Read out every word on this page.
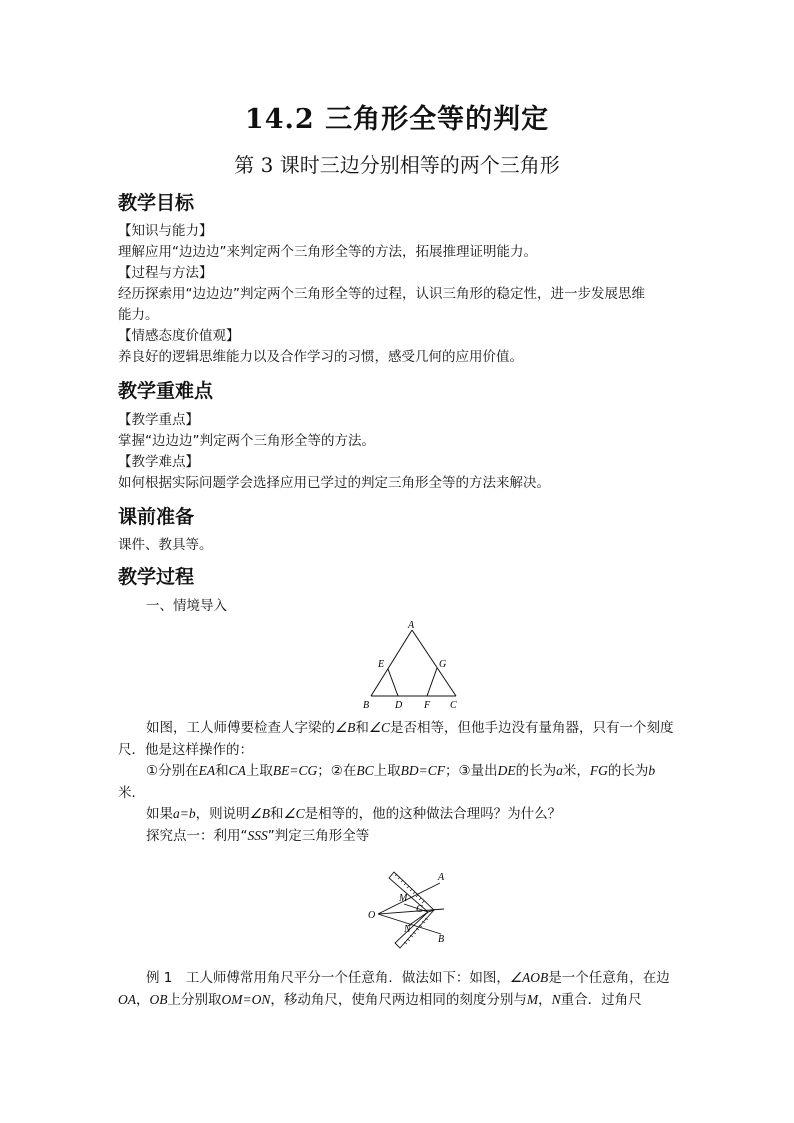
14.2 三角形全等的判定
第 3 课时三边分别相等的两个三角形
教学目标
【知识与能力】
理解应用“边边边”来判定两个三角形全等的方法，拓展推理证明能力。
【过程与方法】
经历探索用“边边边”判定两个三角形全等的过程，认识三角形的稳定性，进一步发展思维
能力。
【情感态度价值观】
养良好的逻辑思维能力以及合作学习的习惯，感受几何的应用价值。
教学重难点
【教学重点】
掌握“边边边”判定两个三角形全等的方法。
【教学难点】
如何根据实际问题学会选择应用已学过的判定三角形全等的方法来解决。
课前准备
课件、教具等。
教学过程
一、情境导入
A
E	G
B	D F C
如图，工人师傅要检查人字梁的∠B和∠C是否相等，但他手边没有量角器，只有一个刻度尺．他是这样操作的：
①分别在EA和CA上取BE=CG；②在BC上取BD=CF；③量出DE的长为a米，FG的长为b米．
如果a=b，则说明∠B和∠C是相等的，他的这种做法合理吗？为什么？
探究点一：利用“SSS”判定三角形全等
A
O
M
C
N
B
例 1　工人师傅常用角尺平分一个任意角．做法如下：如图，∠AOB是一个任意角，在边OA，OB上分别取OM=ON，移动角尺，使角尺两边相同的刻度分别与M，N重合．过角尺
